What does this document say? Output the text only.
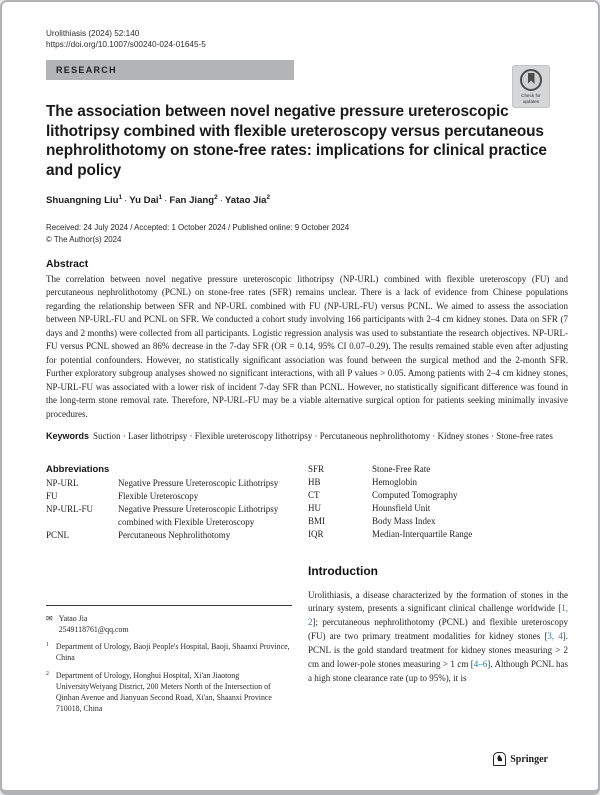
Urolithiasis (2024) 52:140
https://doi.org/10.1007/s00240-024-01645-5
RESEARCH
Check for
updates
The association between novel negative pressure ureteroscopic lithotripsy combined with flexible ureteroscopy versus percutaneous nephrolithotomy on stone-free rates: implications for clinical practice and policy
Shuangning Liu$^1$ · Yu Dai$^1$ · Fan Jiang$^2$ · Yatao Jia$^2$
Received: 24 July 2024 / Accepted: 1 October 2024 / Published online: 9 October 2024
© The Author(s) 2024
Abstract
The correlation between novel negative pressure ureteroscopic lithotripsy (NP-URL) combined with flexible ureteroscopy (FU) and percutaneous nephrolithotomy (PCNL) on stone-free rates (SFR) remains unclear. There is a lack of evidence from Chinese populations regarding the relationship between SFR and NP-URL combined with FU (NP-URL-FU) versus PCNL. We aimed to assess the association between NP-URL-FU and PCNL on SFR. We conducted a cohort study involving 166 participants with 2–4 cm kidney stones. Data on SFR (7 days and 2 months) were collected from all participants. Logistic regression analysis was used to substantiate the research objectives. NP-URL-FU versus PCNL showed an 86% decrease in the 7-day SFR (OR = 0.14, 95% CI 0.07–0.29). The results remained stable even after adjusting for potential confounders. However, no statistically significant association was found between the surgical method and the 2-month SFR. Further exploratory subgroup analyses showed no significant interactions, with all P values > 0.05. Among patients with 2–4 cm kidney stones, NP-URL-FU was associated with a lower risk of incident 7-day SFR than PCNL. However, no statistically significant difference was found in the long-term stone removal rate. Therefore, NP-URL-FU may be a viable alternative surgical option for patients seeking minimally invasive procedures.
Keywords Suction · Laser lithotripsy · Flexible ureteroscopy lithotripsy · Percutaneous nephrolithotomy · Kidney stones · Stone-free rates
Abbreviations
NP-URL	Negative Pressure Ureteroscopic Lithotripsy
FU	Flexible Ureteroscopy
NP-URL-FU	Negative Pressure Ureteroscopic Lithotripsy combined with Flexible Ureteroscopy
PCNL	Percutaneous Nephrolithotomy
✉ Yatao Jia
2549118761@qq.com
1 Department of Urology, Baoji People's Hospital, Baoji, Shaanxi Province, China
2 Department of Urology, Honghui Hospital, Xi'an Jiaotong UniversityWeiyang District, 200 Meters North of the Intersection of Qinhan Avenue and Jianyuan Second Road, Xi'an, Shaanxi Province 710018, China
SFR	Stone-Free Rate
HB	Hemoglobin
CT	Computed Tomography
HU	Hounsfield Unit
BMI	Body Mass Index
IQR	Median-Interquartile Range
Introduction
Urolithiasis, a disease characterized by the formation of stones in the urinary system, presents a significant clinical challenge worldwide [1, 2]; percutaneous nephrolithotomy (PCNL) and flexible ureteroscopy (FU) are two primary treatment modalities for kidney stones [3, 4]. PCNL is the gold standard treatment for kidney stones measuring > 2 cm and lower-pole stones measuring > 1 cm [4–6]. Although PCNL has a high stone clearance rate (up to 95%), it is
♞ Springer
